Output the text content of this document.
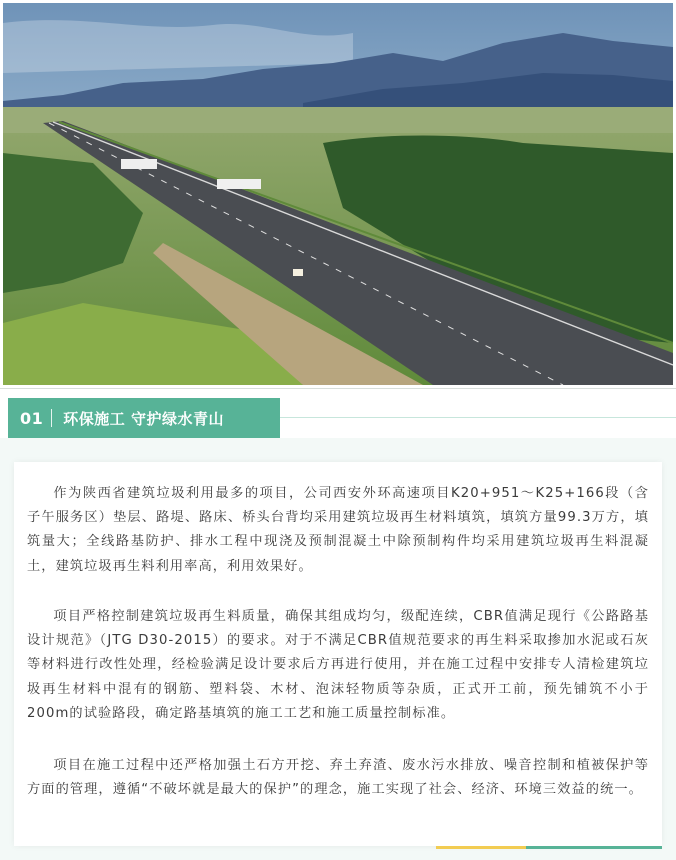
01 环保施工 守护绿水青山

作为陕西省建筑垃圾利用最多的项目，公司西安外环高速项目K20+951～K25+166段（含子午服务区）垫层、路堤、路床、桥头台背均采用建筑垃圾再生材料填筑，填筑方量99.3万方，填筑量大；全线路基防护、排水工程中现浇及预制混凝土中除预制构件均采用建筑垃圾再生料混凝土，建筑垃圾再生料利用率高，利用效果好。

项目严格控制建筑垃圾再生料质量，确保其组成均匀，级配连续，CBR值满足现行《公路路基设计规范》（JTG D30-2015）的要求。对于不满足CBR值规范要求的再生料采取掺加水泥或石灰等材料进行改性处理，经检验满足设计要求后方再进行使用，并在施工过程中安排专人清检建筑垃圾再生材料中混有的钢筋、塑料袋、木材、泡沫轻物质等杂质，正式开工前，预先铺筑不小于200m的试验路段，确定路基填筑的施工工艺和施工质量控制标准。

项目在施工过程中还严格加强土石方开挖、弃土弃渣、废水污水排放、噪音控制和植被保护等方面的管理，遵循“不破坏就是最大的保护”的理念，施工实现了社会、经济、环境三效益的统一。
